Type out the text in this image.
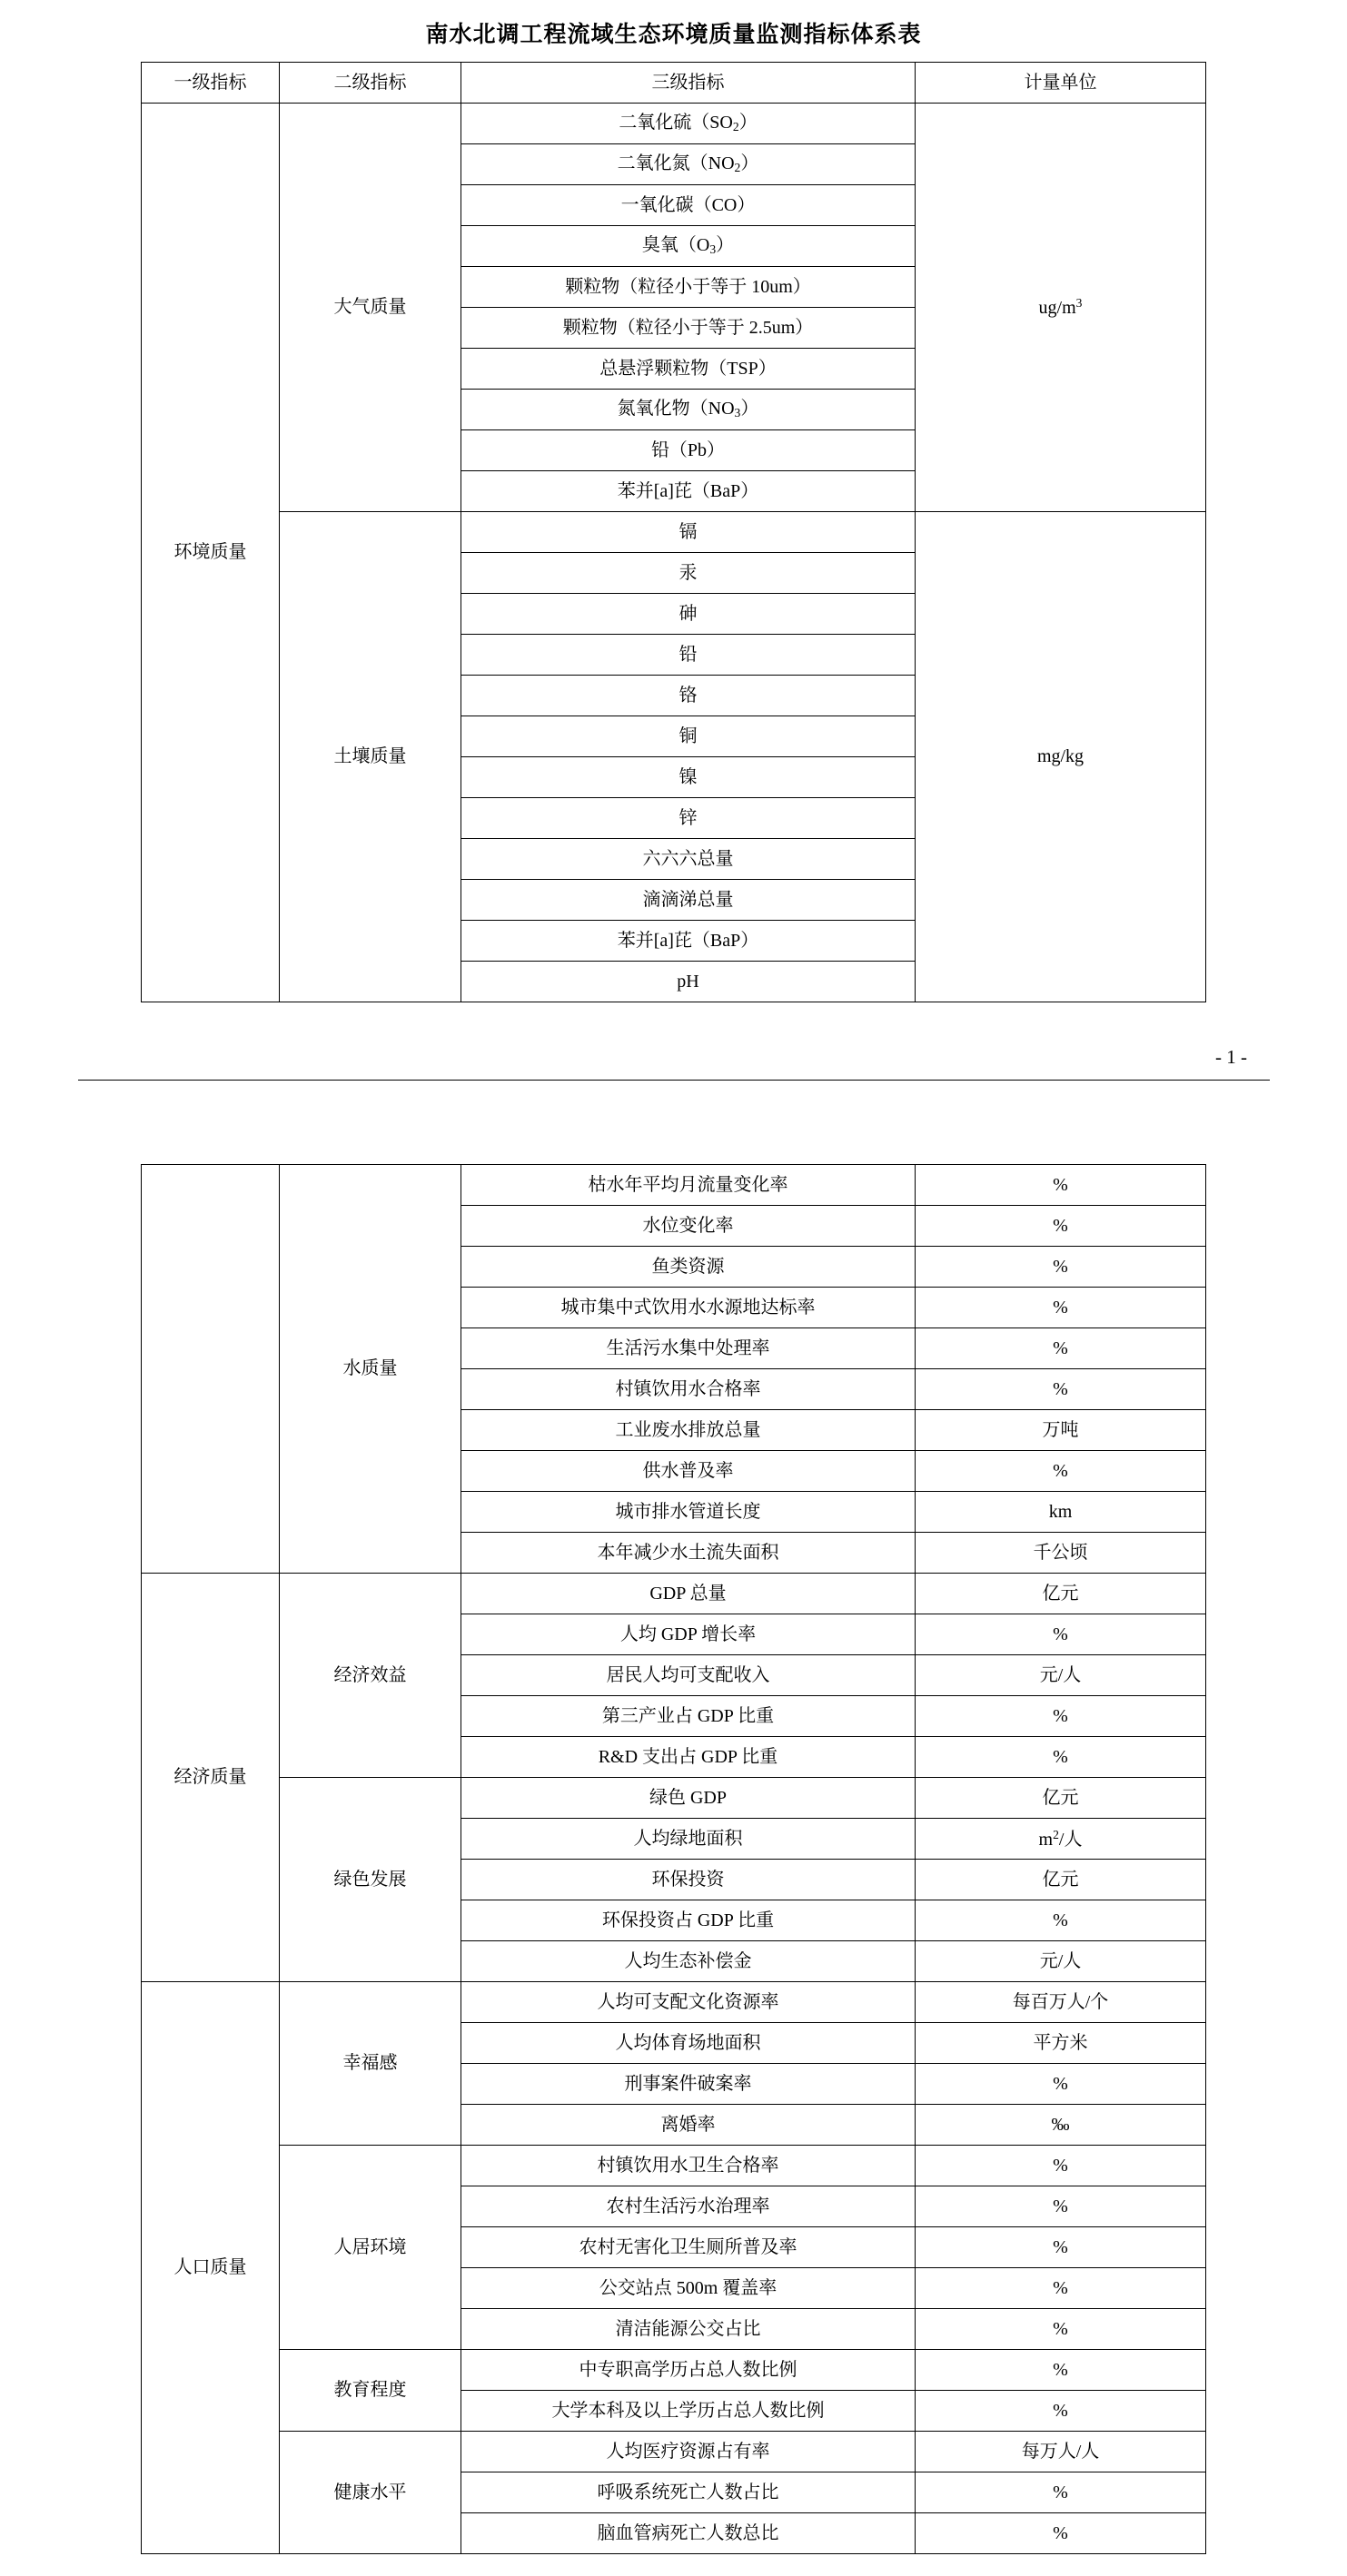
南水北调工程流域生态环境质量监测指标体系表
一级指标	二级指标	三级指标	计量单位
环境质量	大气质量	二氧化硫$(SO_2)$	$ug/m^3$
		二氧化氮$(NO_2)$	
		一氧化碳（CO）	
		臭氧$(O_3)$	
		颗粒物（粒径小于等于 10um）	
		颗粒物（粒径小于等于 2.5um）	
		总悬浮颗粒物（TSP）	
		氮氧化物$(NO_3)$	
		铅（Pb）	
		苯并[a]芘（BaP）	
	土壤质量	镉	mg/kg
		汞	
		砷	
		铅	
		铬	
		铜	
		镍	
		锌	
		六六六总量	
		滴滴涕总量	
		苯并[a]芘（BaP）	
		pH	
- 1 -
	水质量	枯水年平均月流量变化率	%
		水位变化率	%
		鱼类资源	%
		城市集中式饮用水水源地达标率	%
		生活污水集中处理率	%
		村镇饮用水合格率	%
		工业废水排放总量	万吨
		供水普及率	%
		城市排水管道长度	km
		本年减少水土流失面积	千公顷
经济质量	经济效益	GDP 总量	亿元
		人均 GDP 增长率	%
		居民人均可支配收入	元/人
		第三产业占 GDP 比重	%
		R&D 支出占 GDP 比重	%
	绿色发展	绿色 GDP	亿元
		人均绿地面积	$m^2/$人
		环保投资	亿元
		环保投资占 GDP 比重	%
		人均生态补偿金	元/人
人口质量	幸福感	人均可支配文化资源率	每百万人/个
		人均体育场地面积	平方米
		刑事案件破案率	%
		离婚率	‰
	人居环境	村镇饮用水卫生合格率	%
		农村生活污水治理率	%
		农村无害化卫生厕所普及率	%
		公交站点 500m 覆盖率	%
		清洁能源公交占比	%
	教育程度	中专职高学历占总人数比例	%
		大学本科及以上学历占总人数比例	%
	健康水平	人均医疗资源占有率	每万人/人
		呼吸系统死亡人数占比	%
		脑血管病死亡人数总比	%
